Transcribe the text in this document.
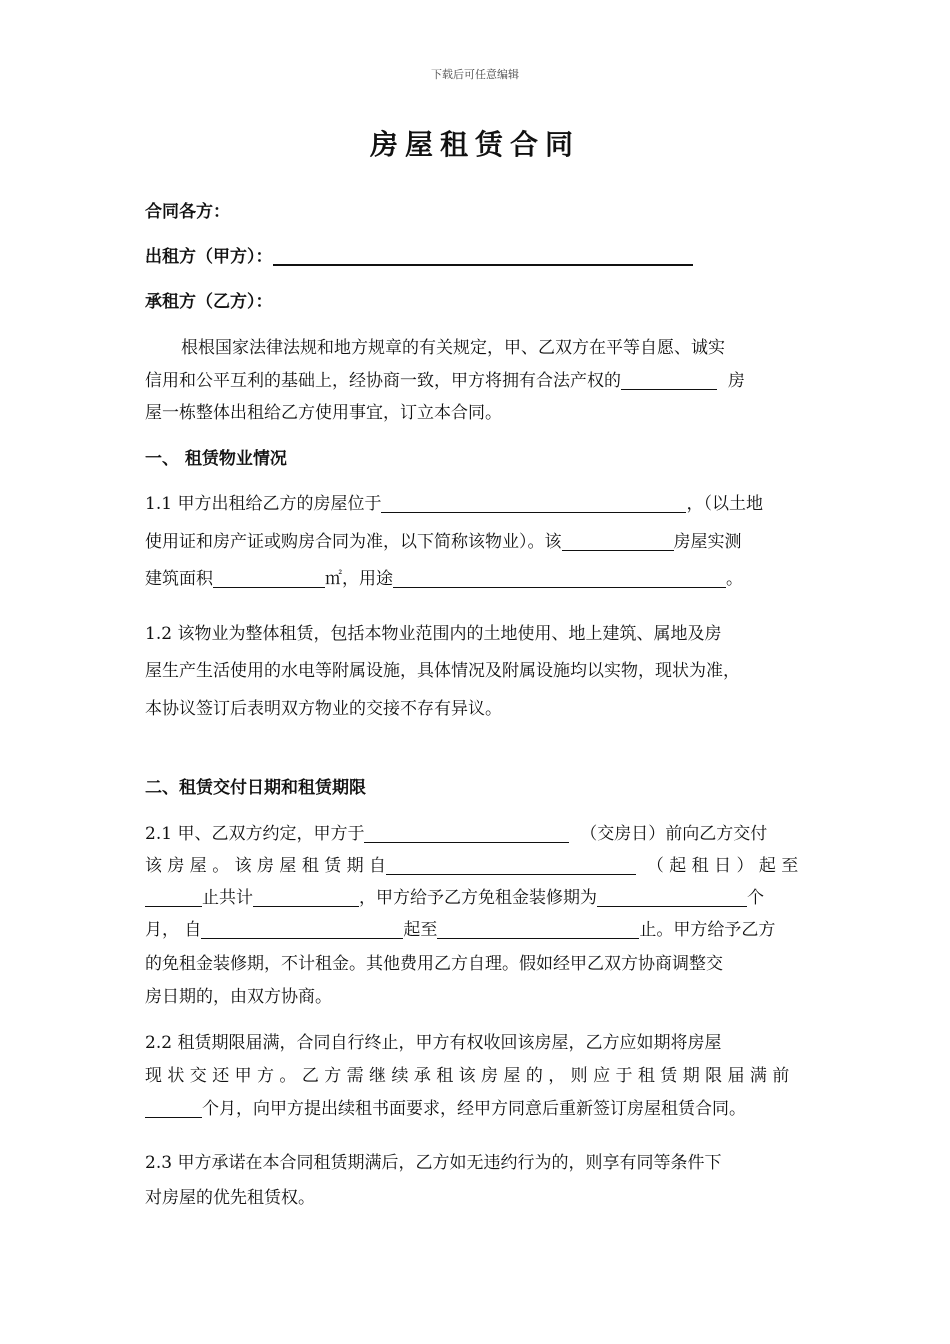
下载后可任意编辑
房屋租赁合同
合同各方：
出租方（甲方）：
承租方（乙方）：
根根国家法律法规和地方规章的有关规定，甲、乙双方在平等自愿、诚实
信用和公平互利的基础上，经协商一致，甲方将拥有合法产权的	房
屋一栋整体出租给乙方使用事宜，订立本合同。
一、 租赁物业情况
1.1 甲方出租给乙方的房屋位于	，（以土地
使用证和房产证或购房合同为准，以下简称该物业）。该	房屋实测
建筑面积	㎡，用途	。
1.2 该物业为整体租赁，包括本物业范围内的土地使用、地上建筑、属地及房
屋生产生活使用的水电等附属设施，具体情况及附属设施均以实物，现状为准，
本协议签订后表明双方物业的交接不存有异议。
二、租赁交付日期和租赁期限
2.1 甲、乙双方约定，甲方于	（交房日）前向乙方交付
该 房 屋 。 该 房 屋 租 赁 期 自	（ 起 租 日 ） 起 至
止共计	，甲方给予乙方免租金装修期为	个
月， 自	起至	止。甲方给予乙方
的免租金装修期，不计租金。其他费用乙方自理。假如经甲乙双方协商调整交
房日期的，由双方协商。
2.2 租赁期限届满，合同自行终止，甲方有权收回该房屋，乙方应如期将房屋
现 状 交 还 甲 方 。 乙 方 需 继 续 承 租 该 房 屋 的 ， 则 应 于 租 赁 期 限 届 满 前
个月，向甲方提出续租书面要求，经甲方同意后重新签订房屋租赁合同。
2.3 甲方承诺在本合同租赁期满后，乙方如无违约行为的，则享有同等条件下
对房屋的优先租赁权。
